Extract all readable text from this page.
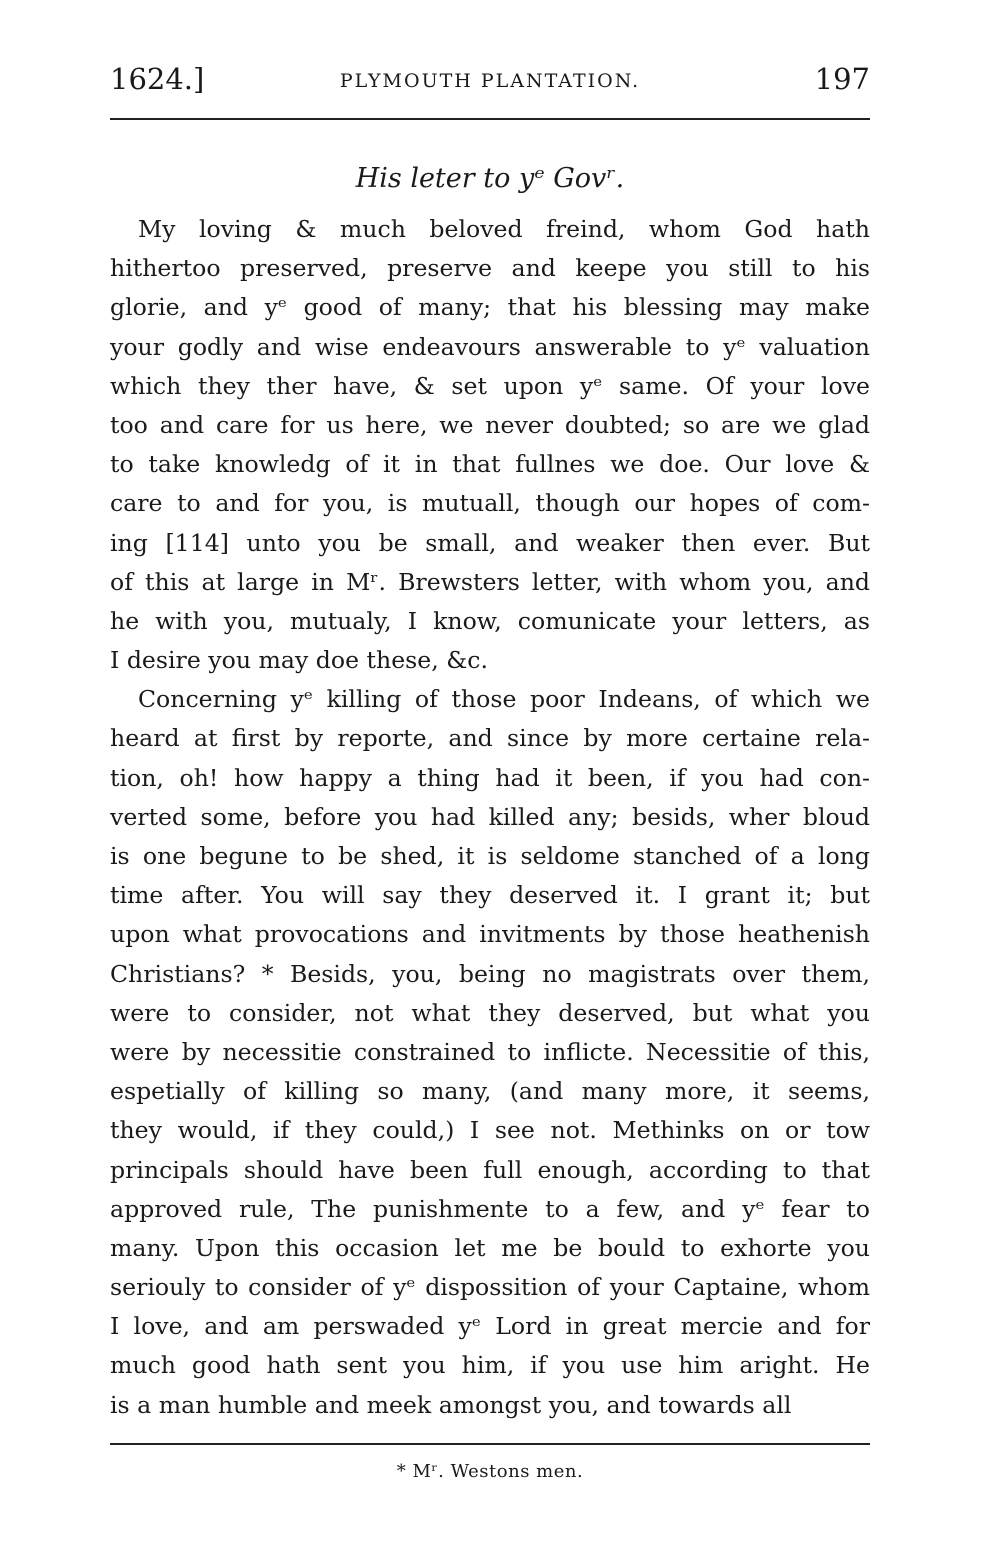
1624.]	PLYMOUTH PLANTATION.	197
His leter to yᵉ Govʳ.
My loving & much beloved freind, whom God hath
hithertoo preserved, preserve and keepe you still to his
glorie, and yᵉ good of many; that his blessing may make
your godly and wise endeavours answerable to yᵉ valuation
which they ther have, & set upon yᵉ same. Of your love
too and care for us here, we never doubted; so are we glad
to take knowledg of it in that fullnes we doe. Our love &
care to and for you, is mutuall, though our hopes of com-
ing [114] unto you be small, and weaker then ever. But
of this at large in Mʳ. Brewsters letter, with whom you, and
he with you, mutualy, I know, comunicate your letters, as
I desire you may doe these, &c.
Concerning yᵉ killing of those poor Indeans, of which we
heard at first by reporte, and since by more certaine rela-
tion, oh! how happy a thing had it been, if you had con-
verted some, before you had killed any; besids, wher bloud
is one begune to be shed, it is seldome stanched of a long
time after. You will say they deserved it. I grant it; but
upon what provocations and invitments by those heathenish
Christians? * Besids, you, being no magistrats over them,
were to consider, not what they deserved, but what you
were by necessitie constrained to inflicte. Necessitie of this,
espetially of killing so many, (and many more, it seems,
they would, if they could,) I see not. Methinks on or tow
principals should have been full enough, according to that
approved rule, The punishmente to a few, and yᵉ fear to
many. Upon this occasion let me be bould to exhorte you
seriouly to consider of yᵉ dispossition of your Captaine, whom
I love, and am perswaded yᵉ Lord in great mercie and for
much good hath sent you him, if you use him aright. He
is a man humble and meek amongst you, and towards all
* Mʳ. Westons men.
